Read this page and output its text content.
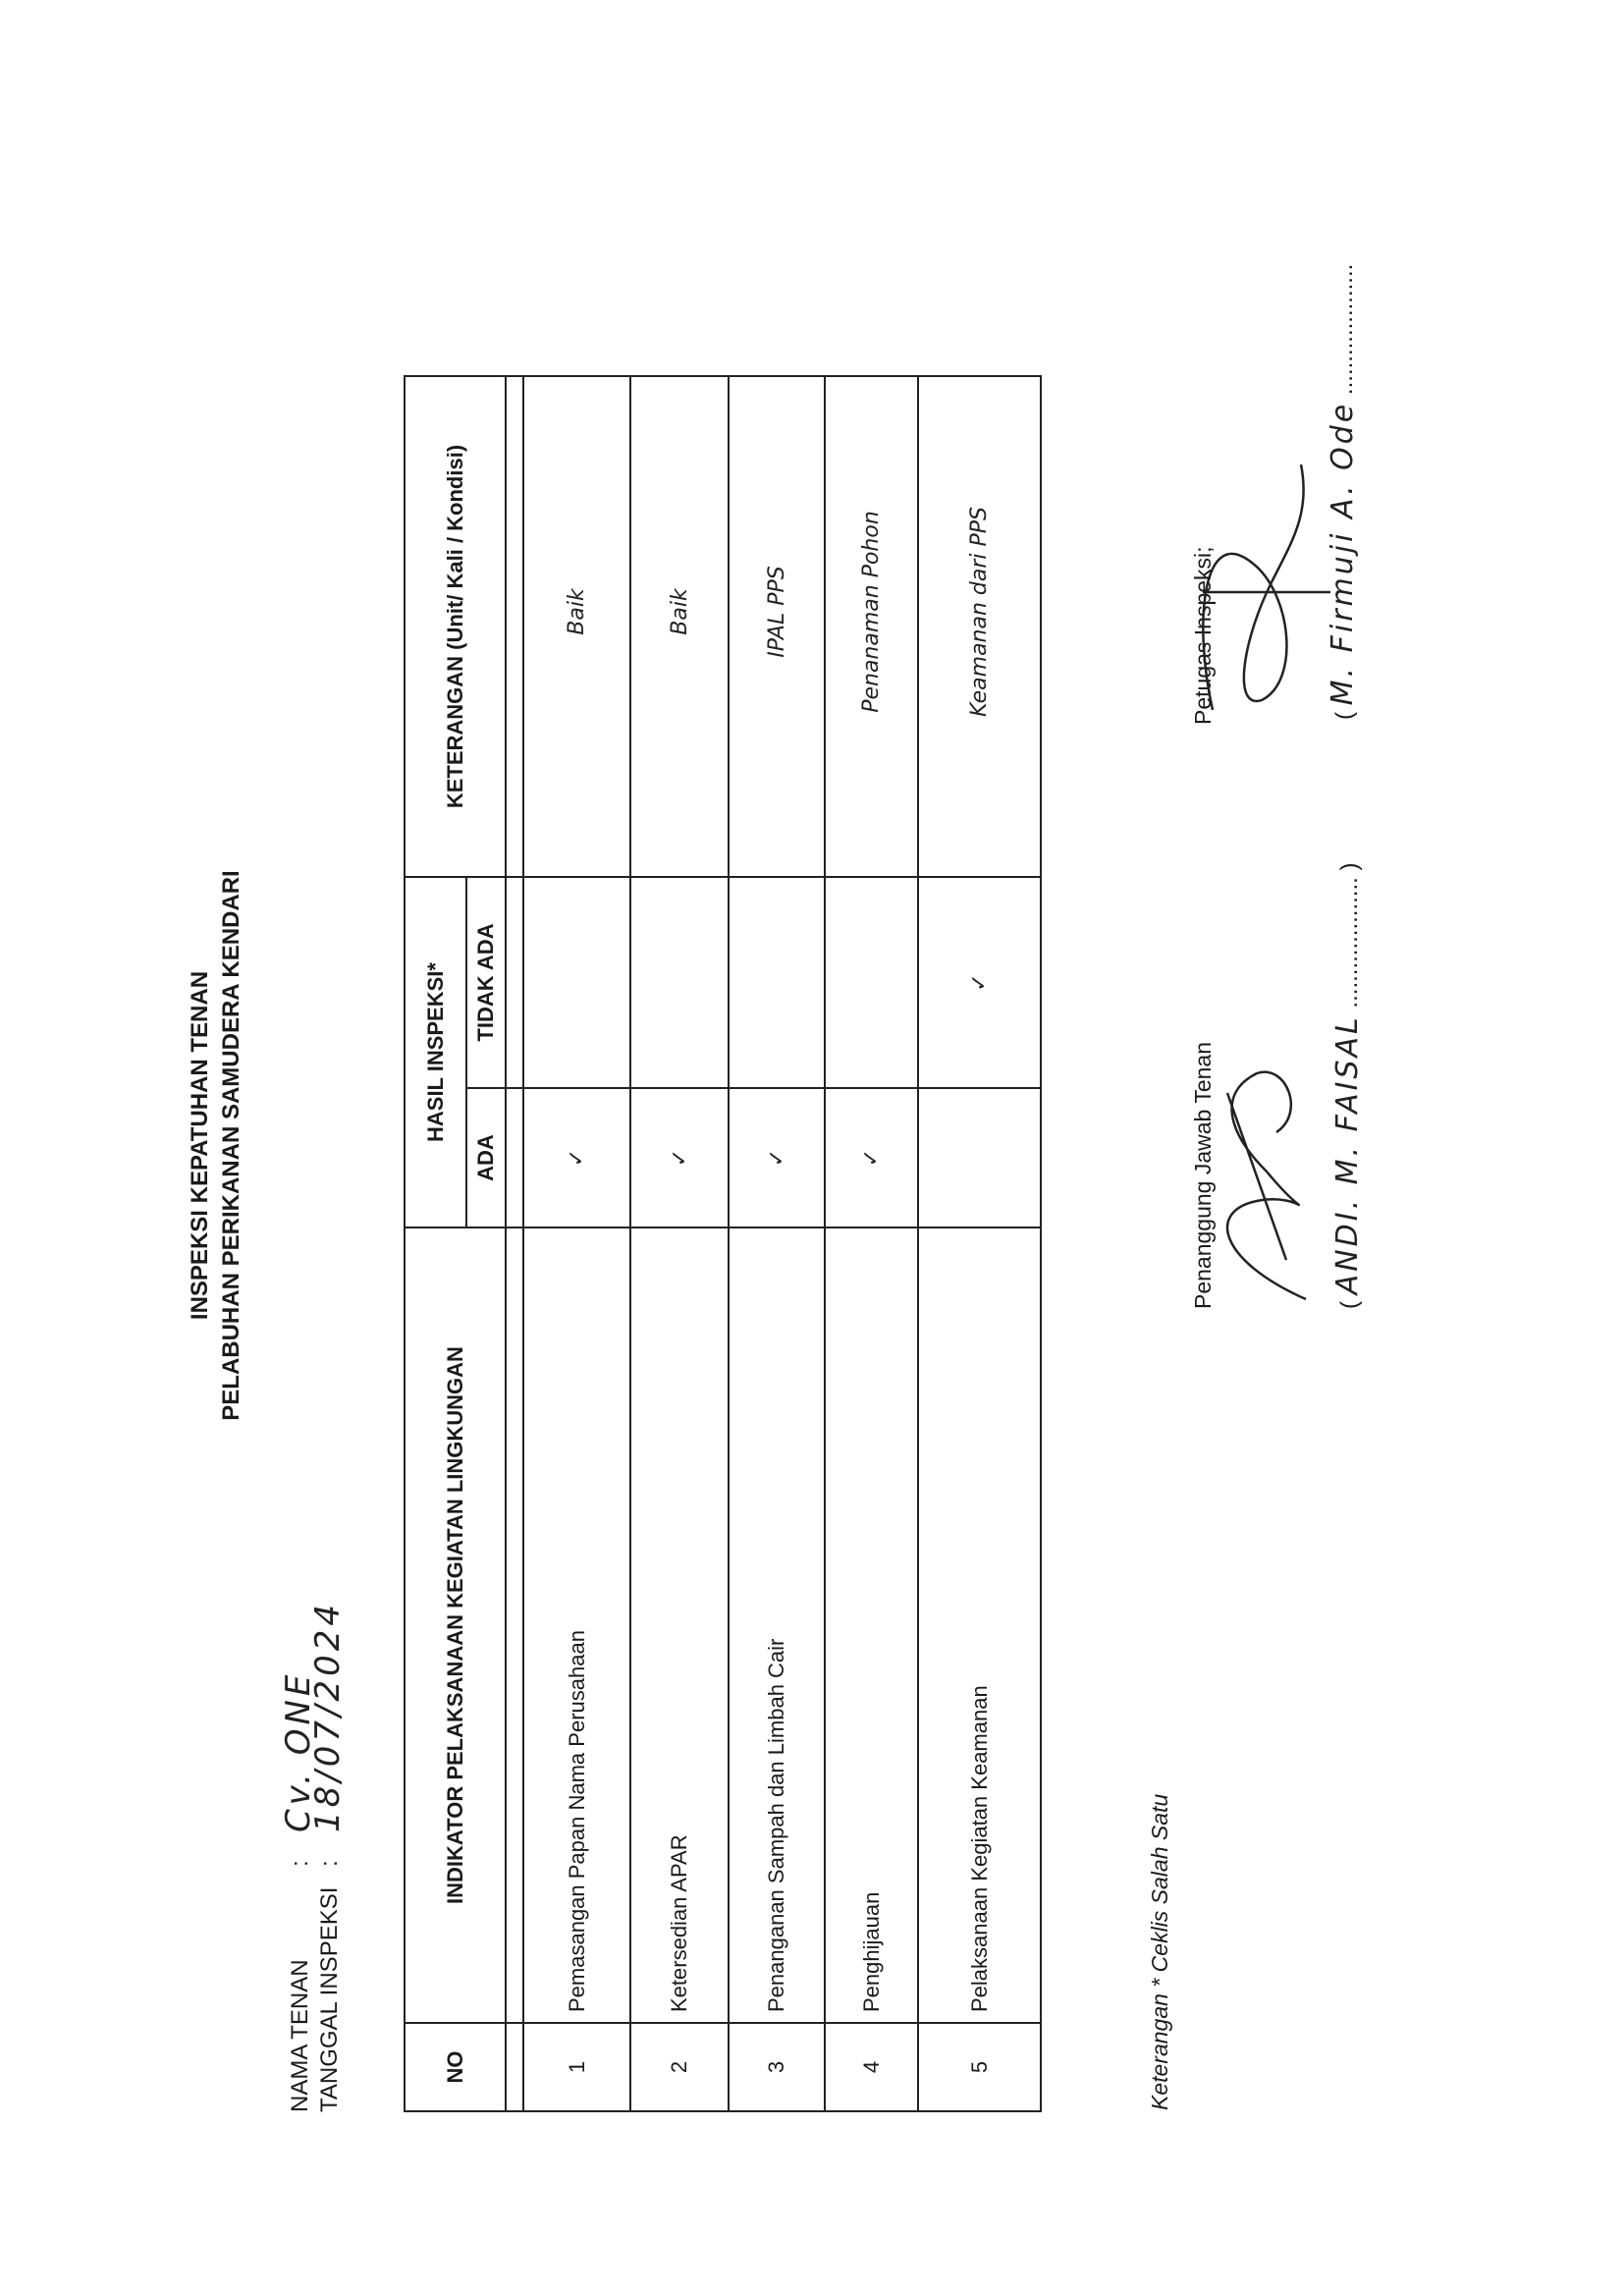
INSPEKSI KEPATUHAN TENAN PELABUHAN PERIKANAN SAMUDERA KENDARI
NAMA TENAN
:
Cv. ONE
TANGGAL INSPEKSI
:
18/07/2024
NO	INDIKATOR PELAKSANAAN KEGIATAN LINGKUNGAN	HASIL INSPEKSI*		KETERANGAN (Unit/ Kali / Kondisi)
		ADA	TIDAK ADA	

1	Pemasangan Papan Nama Perusahaan	✓		Baik
2	Ketersedian APAR	✓		Baik
3	Penanganan Sampah dan Limbah Cair	✓		IPAL PPS
4	Penghijauan	✓		Penanaman Pohon
5	Pelaksanaan Kegiatan Keamanan		✓	Keamanan dari PPS
Keterangan * Ceklis Salah Satu
Penanggung Jawab Tenan	( ANDI. M. FAISAL .................... )
Petugas Inspeksi;	( M. Firmuji A. Ode ....................
